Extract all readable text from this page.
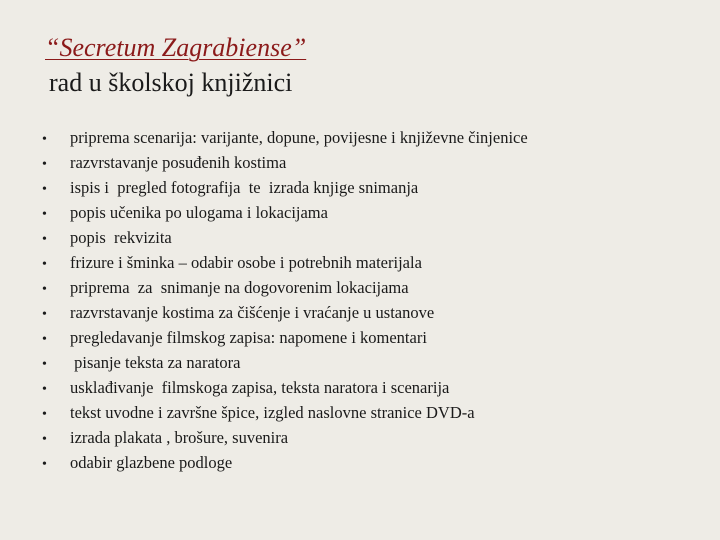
“Secretum Zagrabiense”
rad u školskoj knjižnici
•	priprema scenarija: varijante, dopune, povijesne i književne činjenice
•	razvrstavanje posuđenih kostima
•	ispis i  pregled fotografija  te  izrada knjige snimanja
•	popis učenika po ulogama i lokacijama
•	popis  rekvizita
•	frizure i šminka – odabir osobe i potrebnih materijala
•	priprema  za  snimanje na dogovorenim lokacijama
•	razvrstavanje kostima za čišćenje i vraćanje u ustanove
•	pregledavanje filmskog zapisa: napomene i komentari
•	pisanje teksta za naratora
•	usklađivanje  filmskoga zapisa, teksta naratora i scenarija
•	tekst uvodne i završne špice, izgled naslovne stranice DVD-a
•	izrada plakata , brošure, suvenira
•	odabir glazbene podloge
